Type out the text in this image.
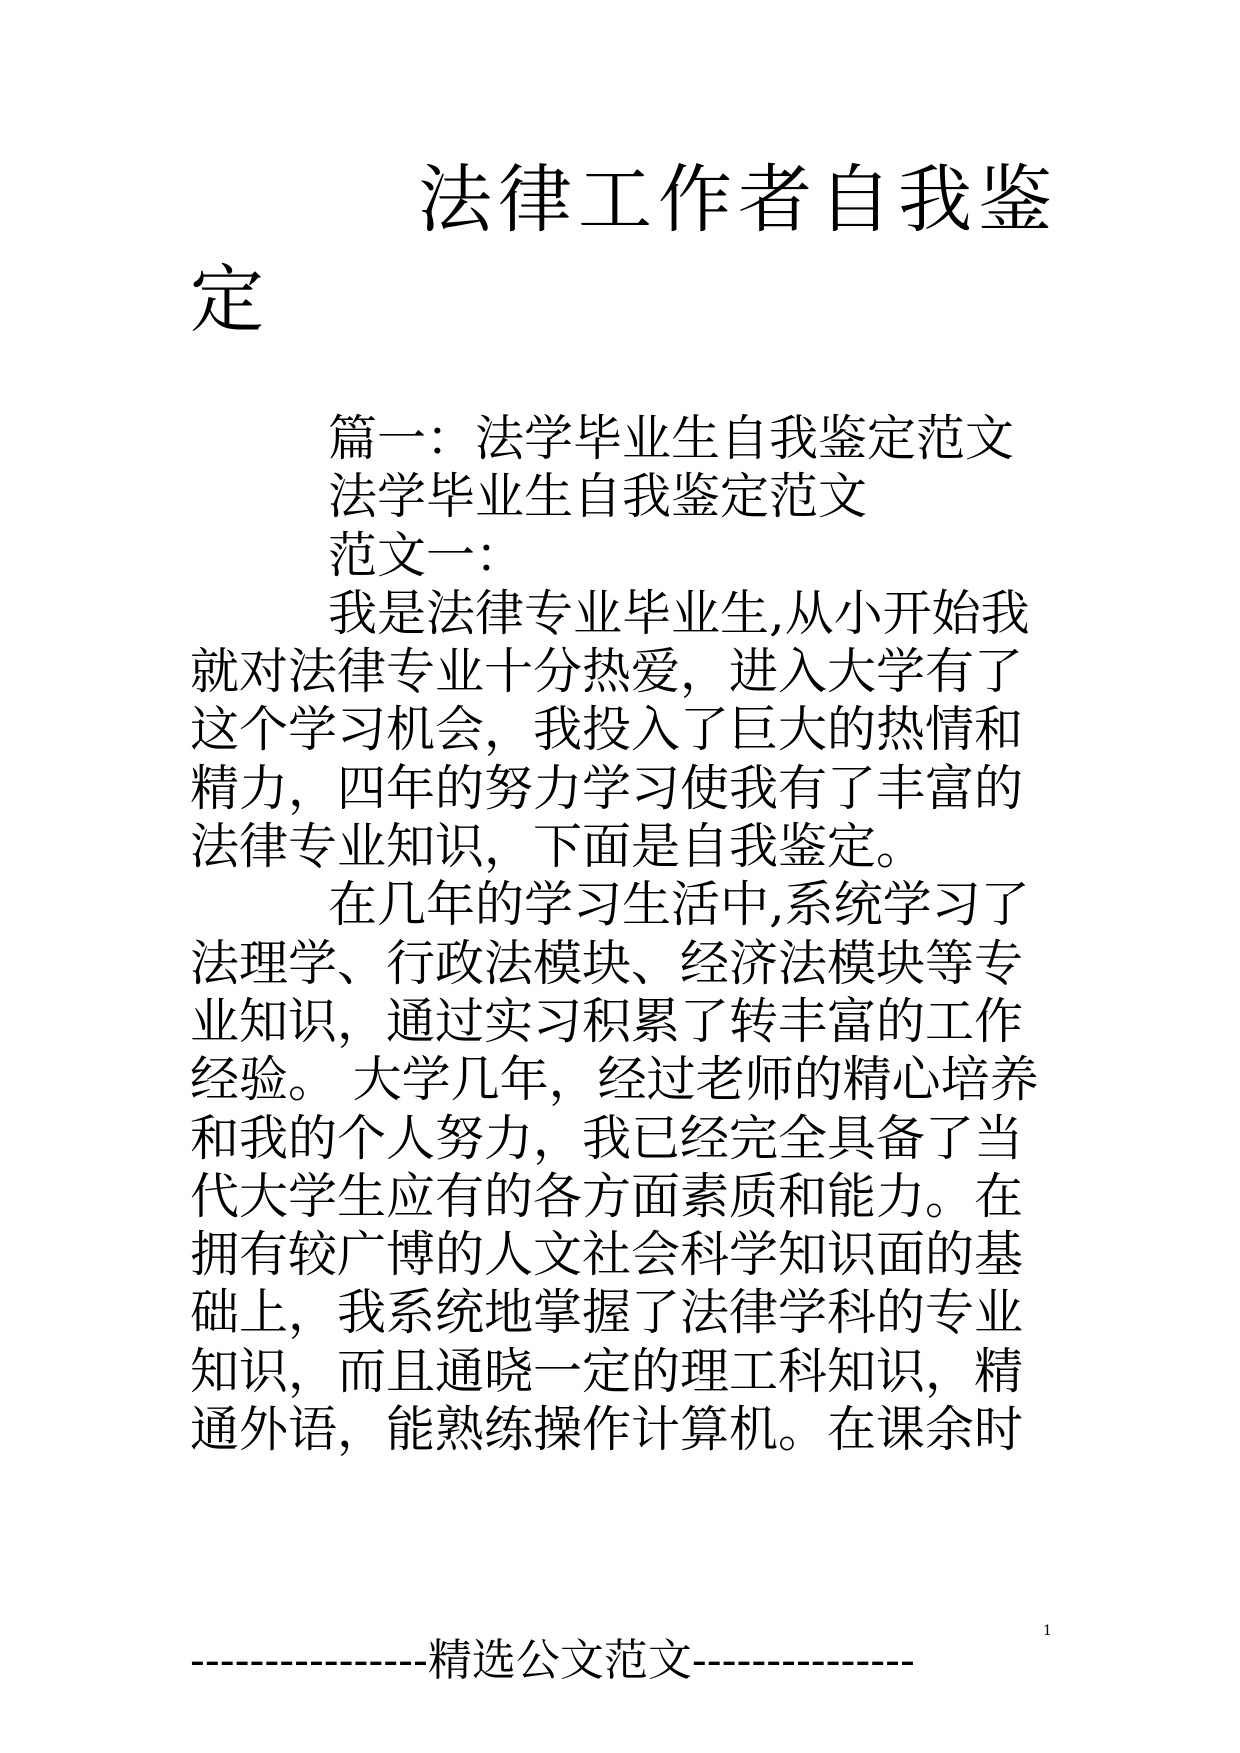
法律工作者自我鉴
定
篇一：法学毕业生自我鉴定范文
法学毕业生自我鉴定范文
范文一：
我是法律专业毕业生,从小开始我
就对法律专业十分热爱，进入大学有了
这个学习机会，我投入了巨大的热情和
精力，四年的努力学习使我有了丰富的
法律专业知识，下面是自我鉴定。
在几年的学习生活中,系统学习了
法理学、行政法模块、经济法模块等专
业知识，通过实习积累了转丰富的工作
经验。 大学几年，经过老师的精心培养
和我的个人努力，我已经完全具备了当
代大学生应有的各方面素质和能力。在
拥有较广博的人文社会科学知识面的基
础上，我系统地掌握了法律学科的专业
知识，而且通晓一定的理工科知识，精
通外语，能熟练操作计算机。在课余时
1
----------------精选公文范文---------------
